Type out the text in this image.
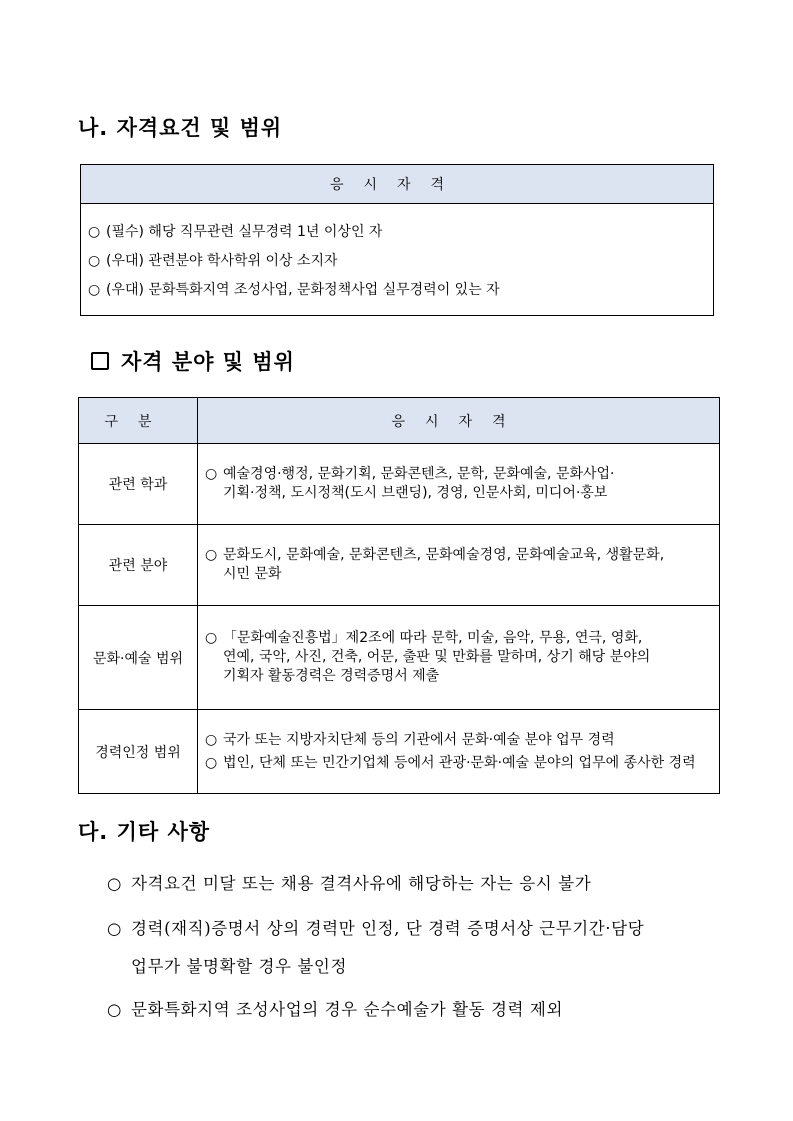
나. 자격요건 및 범위
응시자격
○ (필수) 해당 직무관련 실무경력 1년 이상인 자
○ (우대) 관련분야 학사학위 이상 소지자
○ (우대) 문화특화지역 조성사업, 문화정책사업 실무경력이 있는 자
자격 분야 및 범위
구분	응시자격
관련 학과
○ 예술경영·행정, 문화기획, 문화콘텐츠, 문학, 문화예술, 문화사업·
기획·정책, 도시정책(도시 브랜딩), 경영, 인문사회, 미디어·홍보
관련 분야
○ 문화도시, 문화예술, 문화콘텐츠, 문화예술경영, 문화예술교육, 생활문화,
시민 문화
문화·예술 범위
○ 「문화예술진흥법」제2조에 따라 문학, 미술, 음악, 무용, 연극, 영화,
연예, 국악, 사진, 건축, 어문, 출판 및 만화를 말하며, 상기 해당 분야의
기획자 활동경력은 경력증명서 제출
경력인정 범위
○ 국가 또는 지방자치단체 등의 기관에서 문화·예술 분야 업무 경력
○ 법인, 단체 또는 민간기업체 등에서 관광·문화·예술 분야의 업무에 종사한 경력
다. 기타 사항
○ 자격요건 미달 또는 채용 결격사유에 해당하는 자는 응시 불가
○ 경력(재직)증명서 상의 경력만 인정, 단 경력 증명서상 근무기간·담당
업무가 불명확할 경우 불인정
○ 문화특화지역 조성사업의 경우 순수예술가 활동 경력 제외
